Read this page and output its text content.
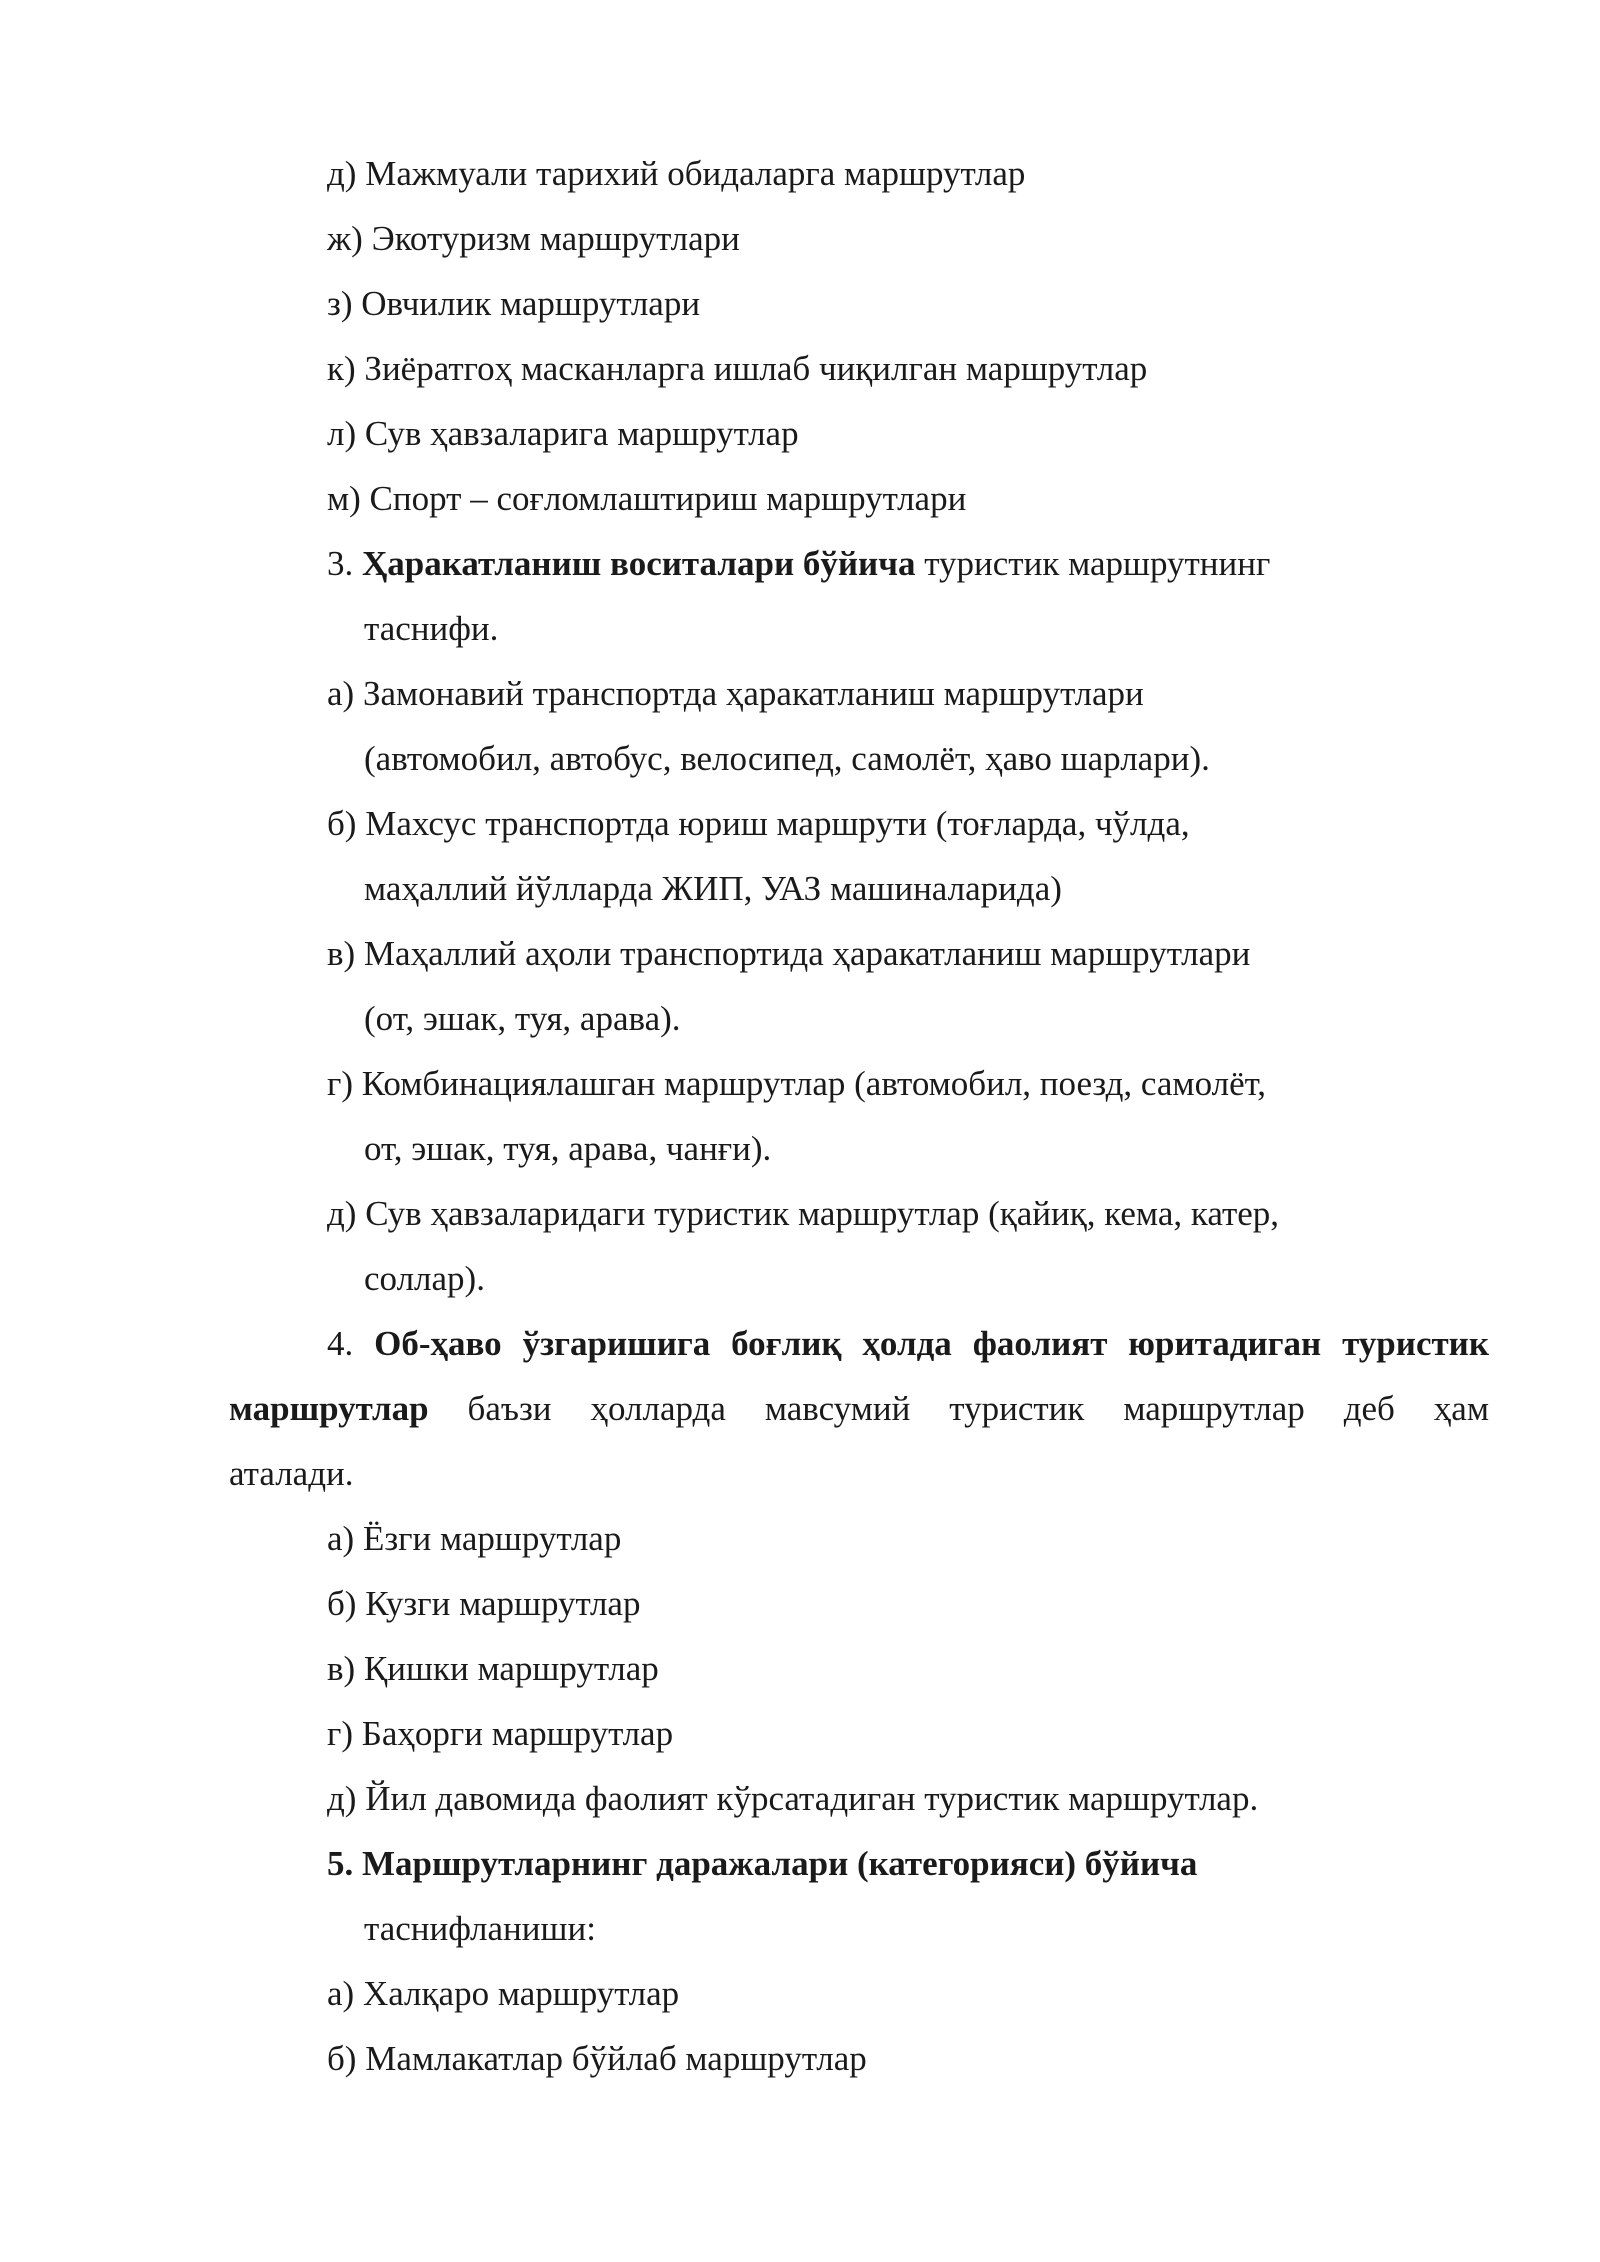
д) Мажмуали тарихий обидаларга маршрутлар
ж) Экотуризм маршрутлари
з) Овчилик маршрутлари
к) Зиёратгоҳ масканларга ишлаб чиқилган маршрутлар
л) Сув ҳавзаларига маршрутлар
м) Спорт – соғломлаштириш маршрутлари
3. Ҳаракатланиш воситалари бўйича туристик маршрутнинг
таснифи.
а) Замонавий транспортда ҳаракатланиш маршрутлари
(автомобил, автобус, велосипед, самолёт, ҳаво шарлари).
б) Махсус транспортда юриш маршрути (тоғларда, чўлда,
маҳаллий йўлларда ЖИП, УАЗ машиналарида)
в) Маҳаллий аҳоли транспортида ҳаракатланиш маршрутлари
(от, эшак, туя, арава).
г) Комбинациялашган маршрутлар (автомобил, поезд, самолёт,
от, эшак, туя, арава, чанғи).
д) Сув ҳавзаларидаги туристик маршрутлар (қайиқ, кема, катер,
соллар).
4. Об-ҳаво ўзгаришига боғлиқ ҳолда фаолият юритадиган туристик
маршрутлар баъзи ҳолларда мавсумий туристик маршрутлар деб ҳам
аталади.
а) Ёзги маршрутлар
б) Кузги маршрутлар
в) Қишки маршрутлар
г) Баҳорги маршрутлар
д) Йил давомида фаолият кўрсатадиган туристик маршрутлар.
5. Маршрутларнинг даражалари (категорияси) бўйича
таснифланиши:
а) Халқаро маршрутлар
б) Мамлакатлар бўйлаб маршрутлар
